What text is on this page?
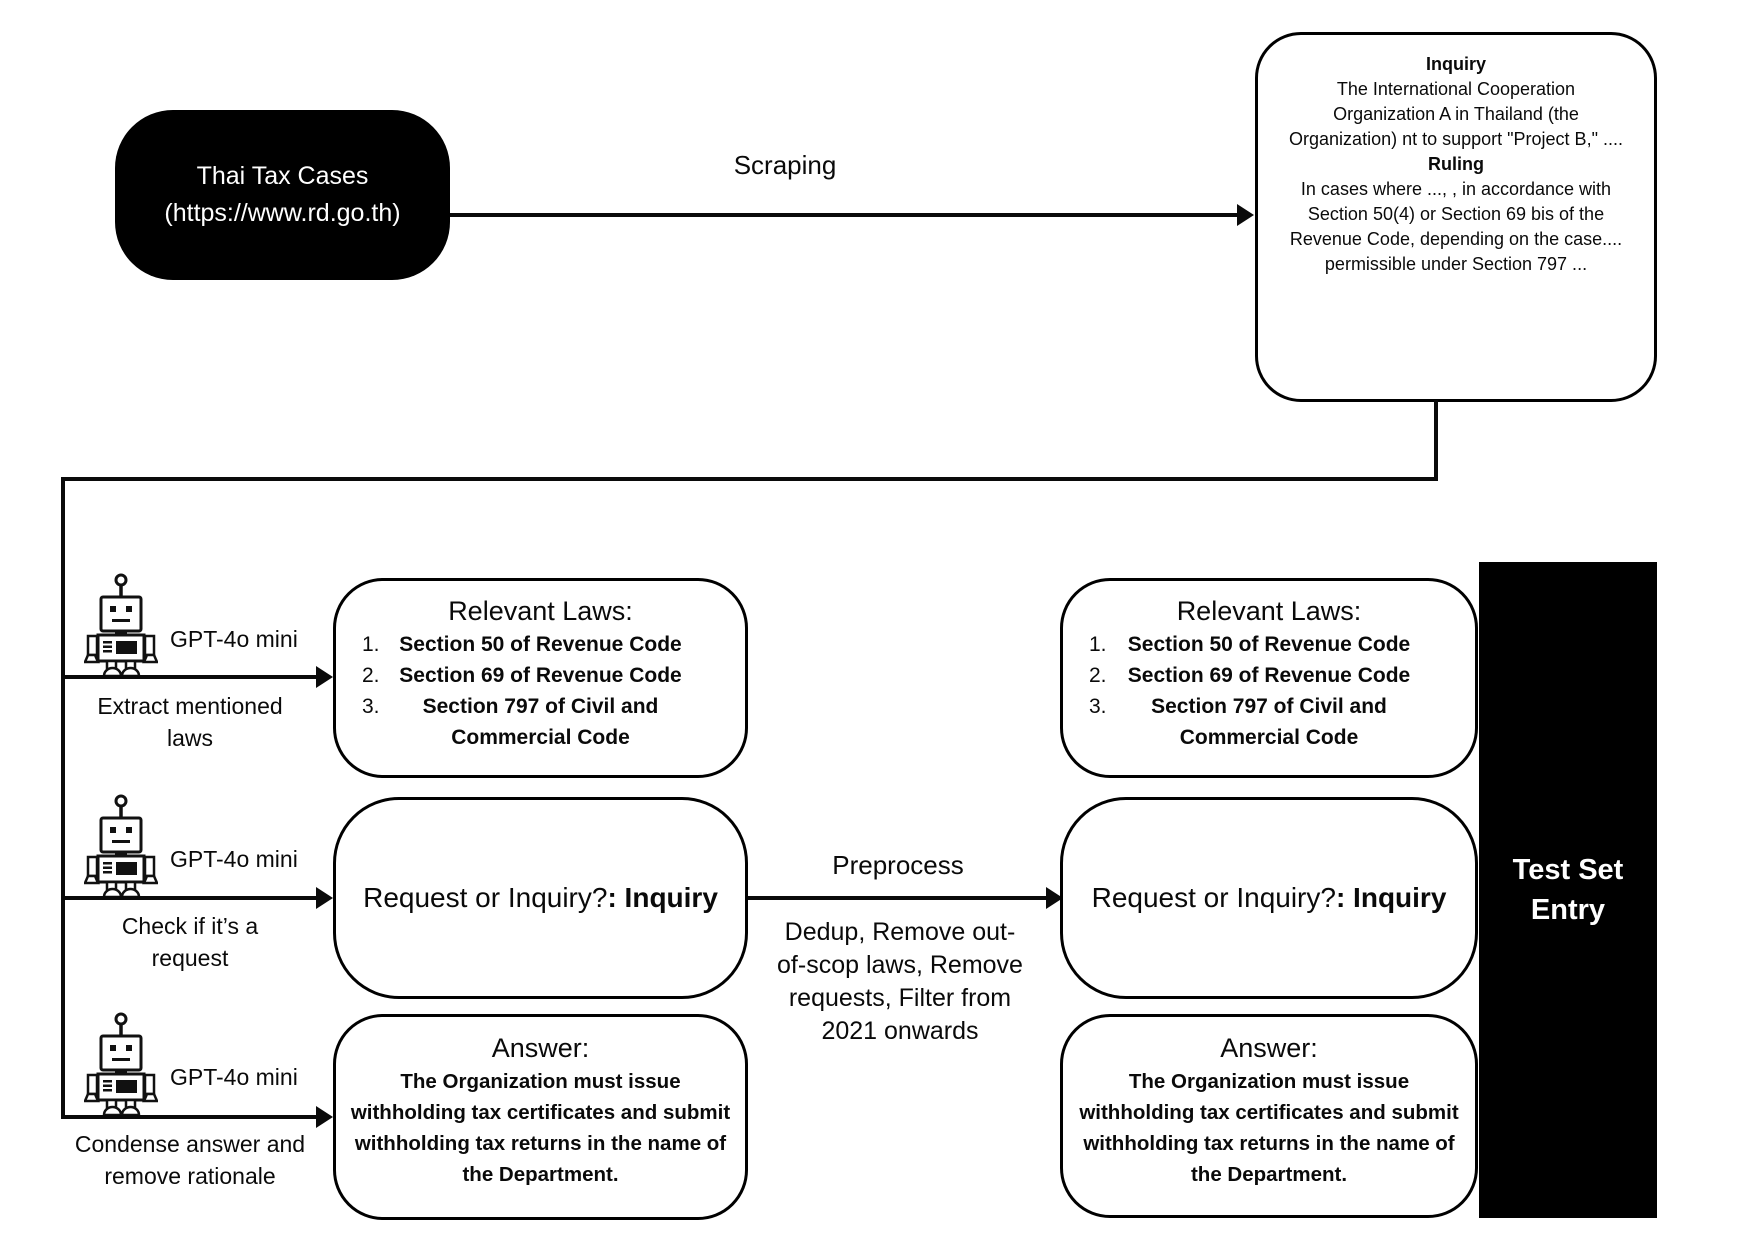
Thai Tax Cases
(https://www.rd.go.th)
Scraping
Inquiry
The International Cooperation Organization A in Thailand (the Organization) nt to support "Project B," ....
Ruling
In cases where ..., , in accordance with Section 50(4) or Section 69 bis of the Revenue Code, depending on the case.... permissible under Section 797 ...
GPT-4o mini
Extract mentioned
laws
GPT-4o mini
Check if it’s a
request
GPT-4o mini
Condense answer and
remove rationale
Relevant Laws:
1. Section 50 of Revenue Code
2. Section 69 of Revenue Code
3.	Section 797 of Civil and Commercial Code
Request or Inquiry?: Inquiry
Answer:
The Organization must issue withholding tax certificates and submit withholding tax returns in the name of the Department.
Preprocess
Dedup, Remove out-
of-scop laws, Remove
requests, Filter from
2021 onwards
Relevant Laws:
1.	Section 50 of Revenue Code
2.	Section 69 of Revenue Code
3.	Section 797 of Civil and Commercial Code
Request or Inquiry?: Inquiry
Answer:
The Organization must issue withholding tax certificates and submit withholding tax returns in the name of the Department.
Test Set Entry
